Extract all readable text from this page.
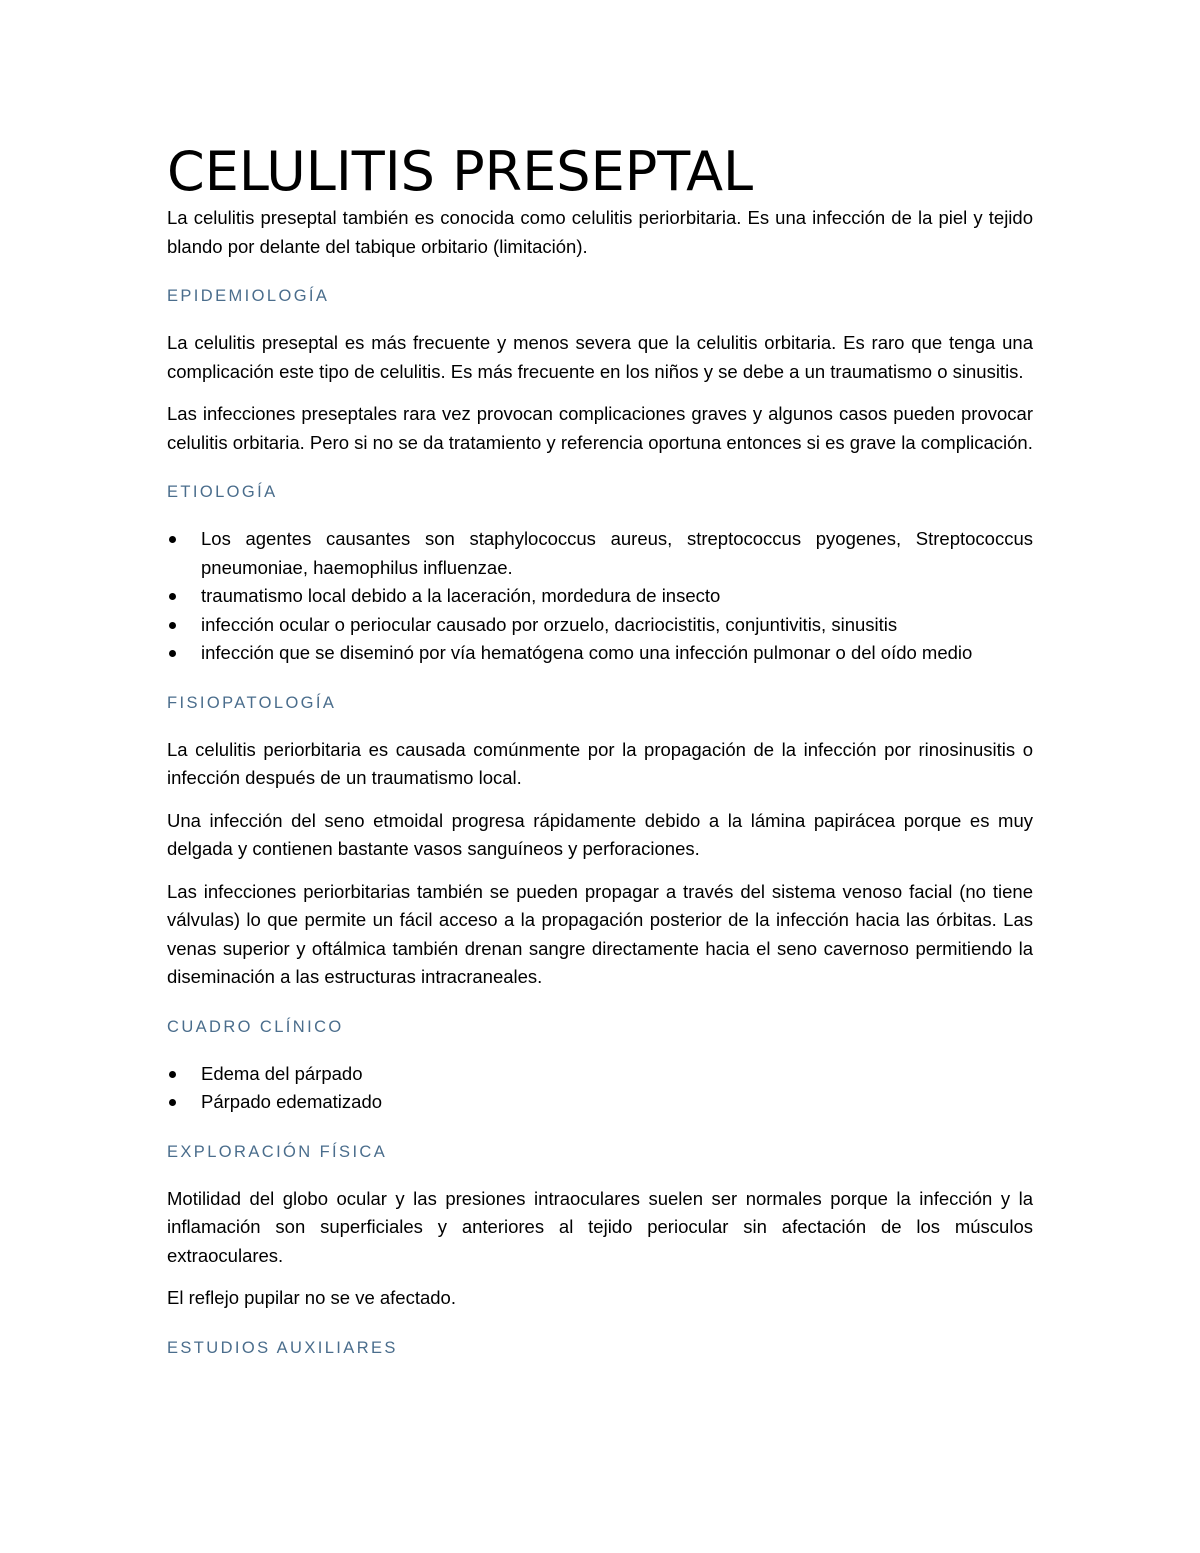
CELULITIS PRESEPTAL

La celulitis preseptal también es conocida como celulitis periorbitaria. Es una infección de la piel y tejido blando por delante del tabique orbitario (limitación).

EPIDEMIOLOGÍA

La celulitis preseptal es más frecuente y menos severa que la celulitis orbitaria. Es raro que tenga una complicación este tipo de celulitis. Es más frecuente en los niños y se debe a un traumatismo o sinusitis.

Las infecciones preseptales rara vez provocan complicaciones graves y algunos casos pueden provocar celulitis orbitaria. Pero si no se da tratamiento y referencia oportuna entonces si es grave la complicación.

ETIOLOGÍA
Los agentes causantes son staphylococcus aureus, streptococcus pyogenes, Streptococcus pneumoniae, haemophilus influenzae.
traumatismo local debido a la laceración, mordedura de insecto
infección ocular o periocular causado por orzuelo, dacriocistitis, conjuntivitis, sinusitis
infección que se diseminó por vía hematógena como una infección pulmonar o del oído medio
FISIOPATOLOGÍA

La celulitis periorbitaria es causada comúnmente por la propagación de la infección por rinosinusitis o infección después de un traumatismo local.

Una infección del seno etmoidal progresa rápidamente debido a la lámina papirácea porque es muy delgada y contienen bastante vasos sanguíneos y perforaciones.

Las infecciones periorbitarias también se pueden propagar a través del sistema venoso facial (no tiene válvulas) lo que permite un fácil acceso a la propagación posterior de la infección hacia las órbitas. Las venas superior y oftálmica también drenan sangre directamente hacia el seno cavernoso permitiendo la diseminación a las estructuras intracraneales.

CUADRO CLÍNICO
Edema del párpado
Párpado edematizado
EXPLORACIÓN FÍSICA

Motilidad del globo ocular y las presiones intraoculares suelen ser normales porque la infección y la inflamación son superficiales y anteriores al tejido periocular sin afectación de los músculos extraoculares.

El reflejo pupilar no se ve afectado.

ESTUDIOS AUXILIARES
